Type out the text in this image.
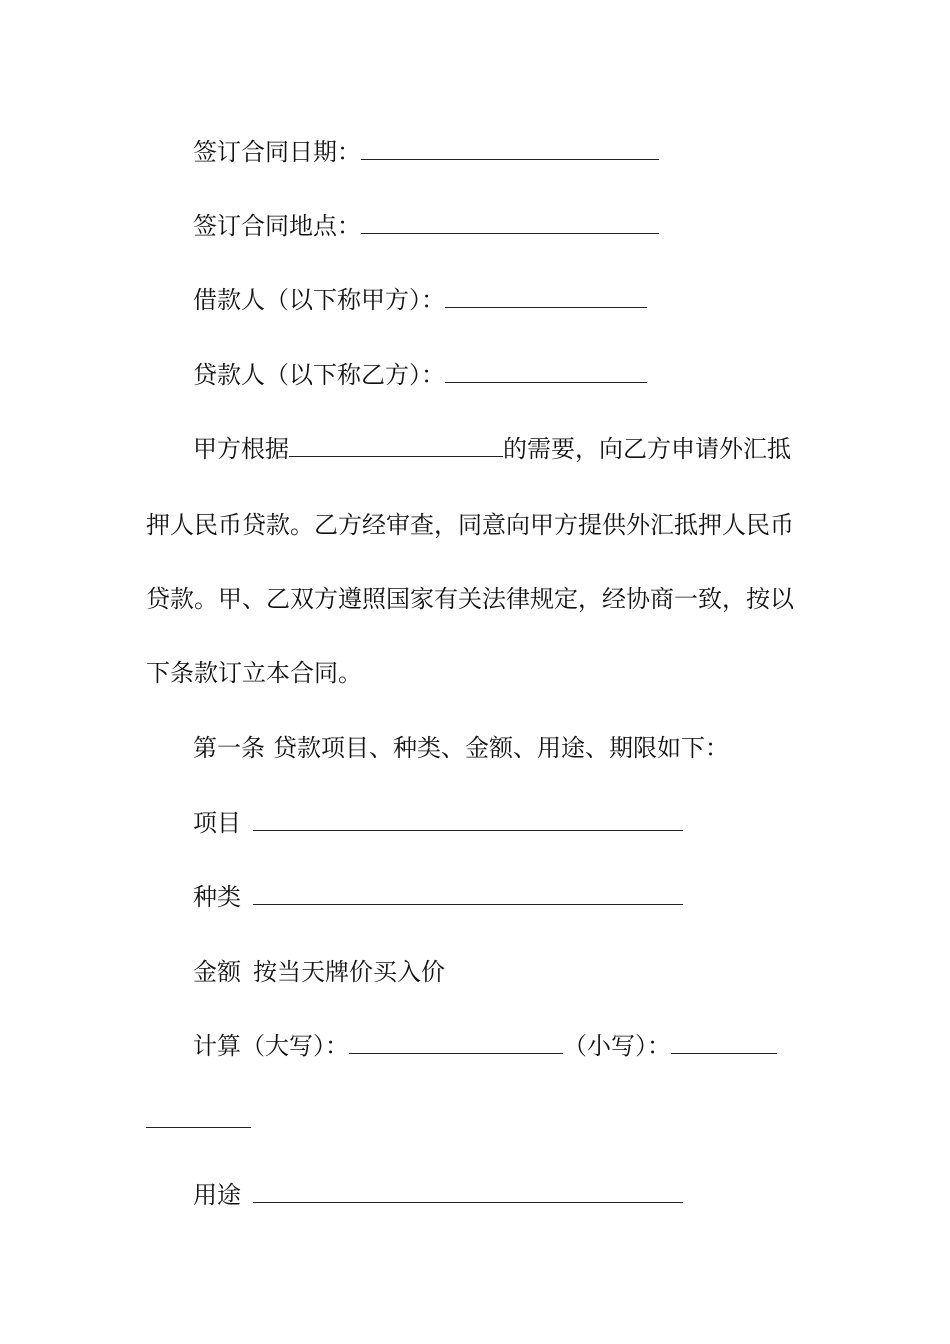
签订合同日期：
签订合同地点：
借款人（以下称甲方）：
贷款人（以下称乙方）：
甲方根据	的需要，向乙方申请外汇抵
押人民币贷款。乙方经审查，同意向甲方提供外汇抵押人民币
贷款。甲、乙双方遵照国家有关法律规定，经协商一致，按以
下条款订立本合同。
第一条 贷款项目、种类、金额、用途、期限如下：
项目
种类
金额 按当天牌价买入价
计算（大写）：	（小写）：
用途
